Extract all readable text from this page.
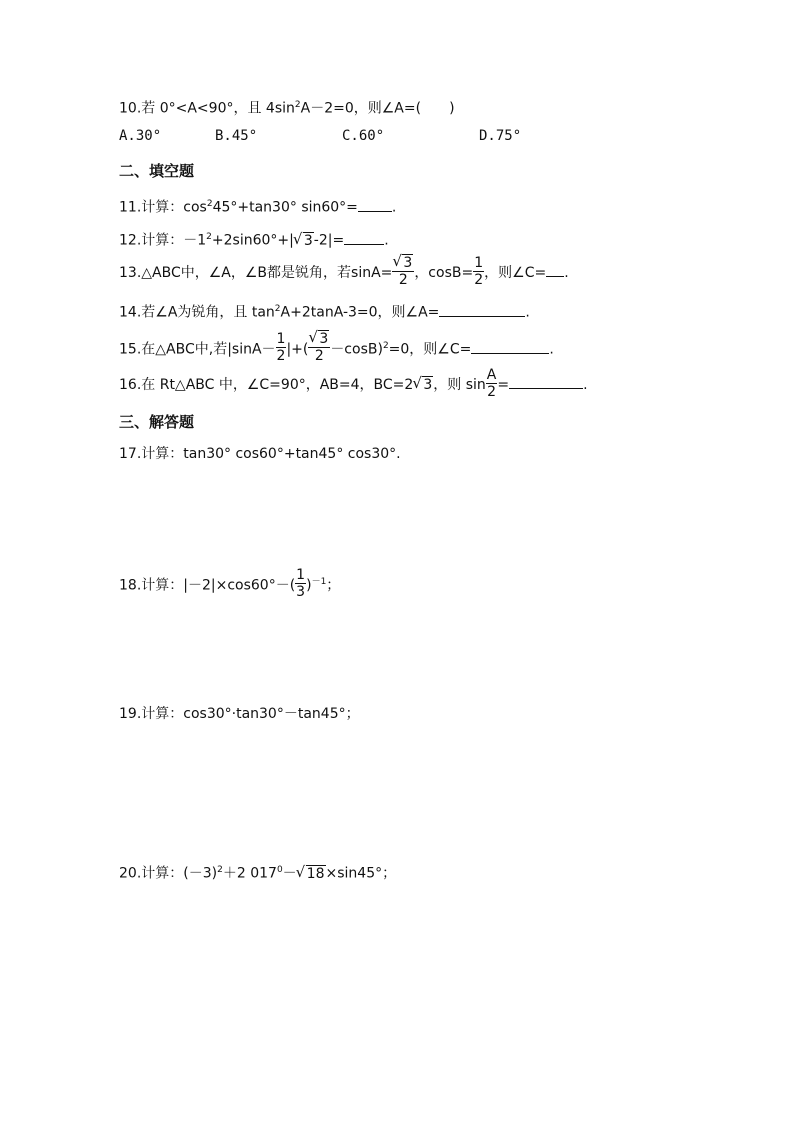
10.若 0°<A<90°，且 $4\sin^2A-2=0$，则∠A=(　　)
A.30°	B.45°	C.60°	D.75°
二、填空题
11.计算：$\cos^245^\circ+\tan 30^\circ$ sin60°= .
12.计算：$-1^2+2\sin 60^\circ+|√$ 3-2|=	.
13.△ABC中，∠A，∠B都是锐角，若sinA=
√ $\frac{3}{2}$ ，$\cos B= \frac{1}{2}$ ，则∠C= .
14.若∠A为锐角，且 $\tan^2A+2\tan A-3=0$，则∠A=	.
15.在△ABC中,若$|\sin A- \frac{1}{2}$ |+(
√ $\frac{3}{2} -\cos B)^2=0$，则∠C=	.
16.在 Rt△ABC 中，∠C=90°，AB=4，BC=2√ 3，则 $\sin \frac{A}{2}$ =	.
三、解答题
17.计算：tan30° cos60°+tan45° cos30°.
18.计算：$|-2|\times\cos 60^\circ-( \frac{1}{3} )^{-1}$；
19.计算：cos30°·tan30°－tan45°；
20.计算：$(-3)^2+2$ $017^0-√$ 18×sin45°；
